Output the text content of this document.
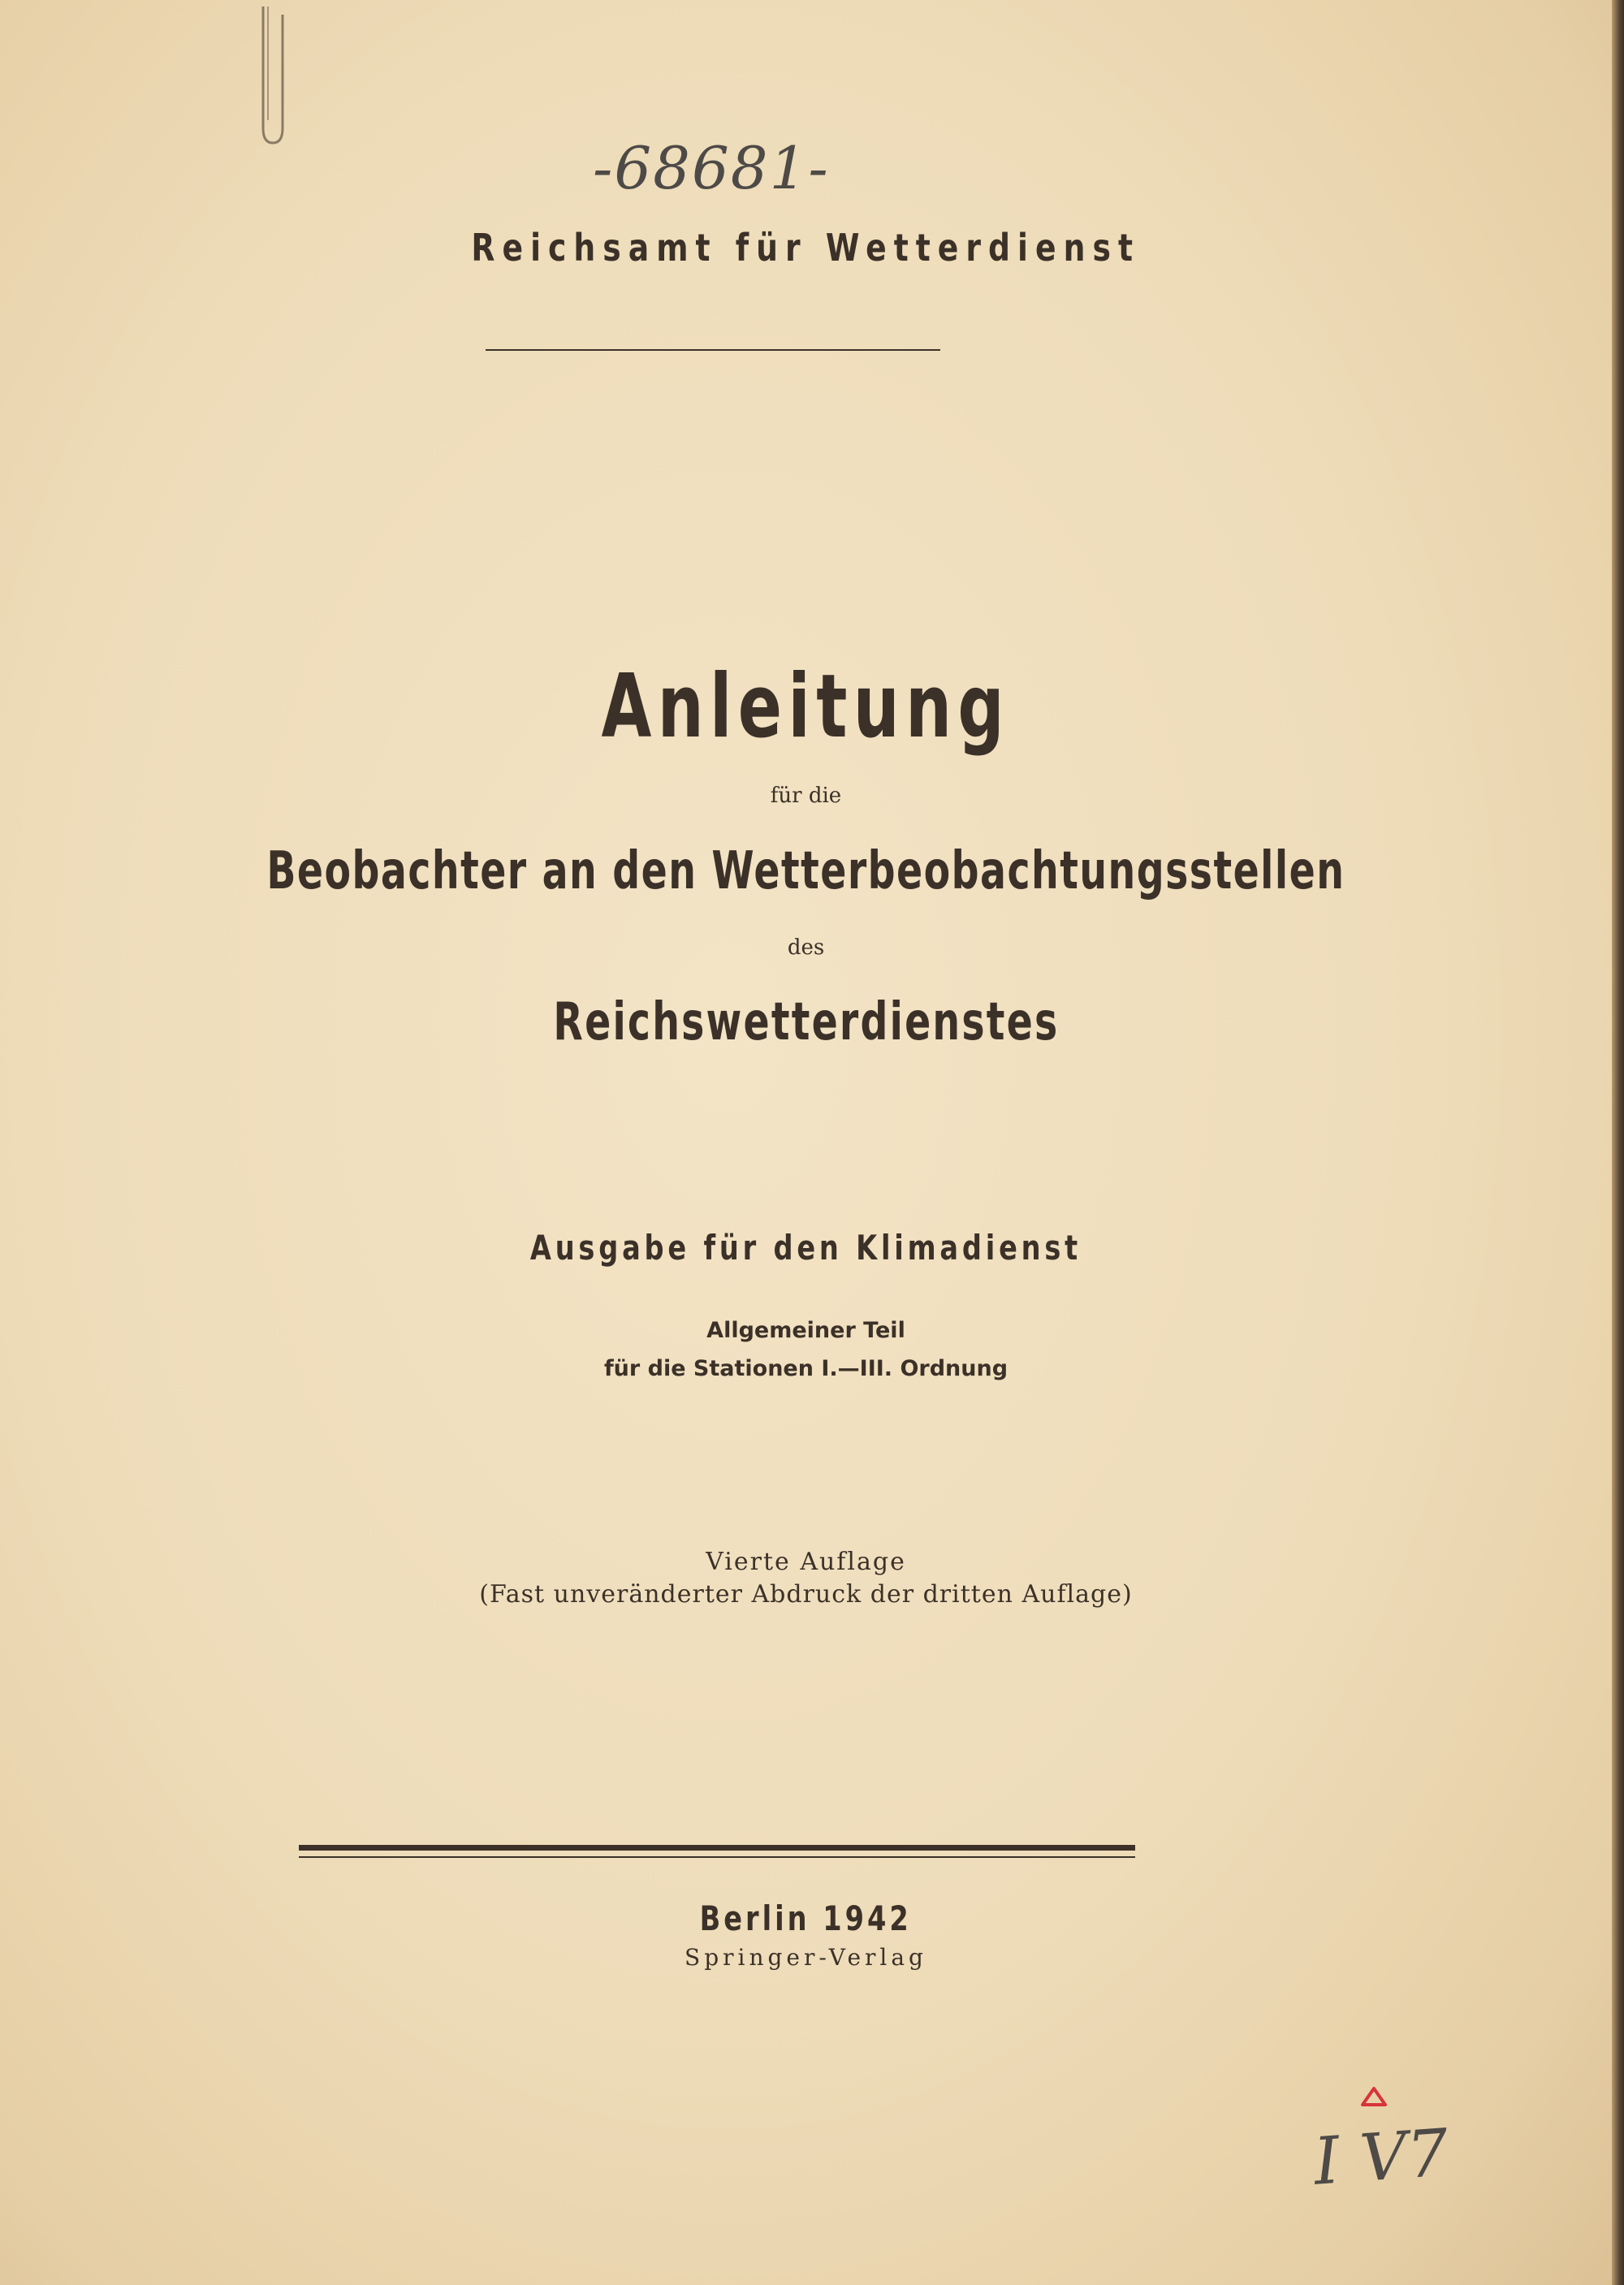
-68681-

Reichsamt für Wetterdienst

Anleitung

für die

Beobachter an den Wetterbeobachtungsstellen

des

Reichswetterdienstes

Ausgabe für den Klimadienst

Allgemeiner Teil

für die Stationen I.—III. Ordnung

Vierte Auflage

(Fast unveränderter Abdruck der dritten Auflage)

Berlin 1942

Springer-Verlag

I V7
